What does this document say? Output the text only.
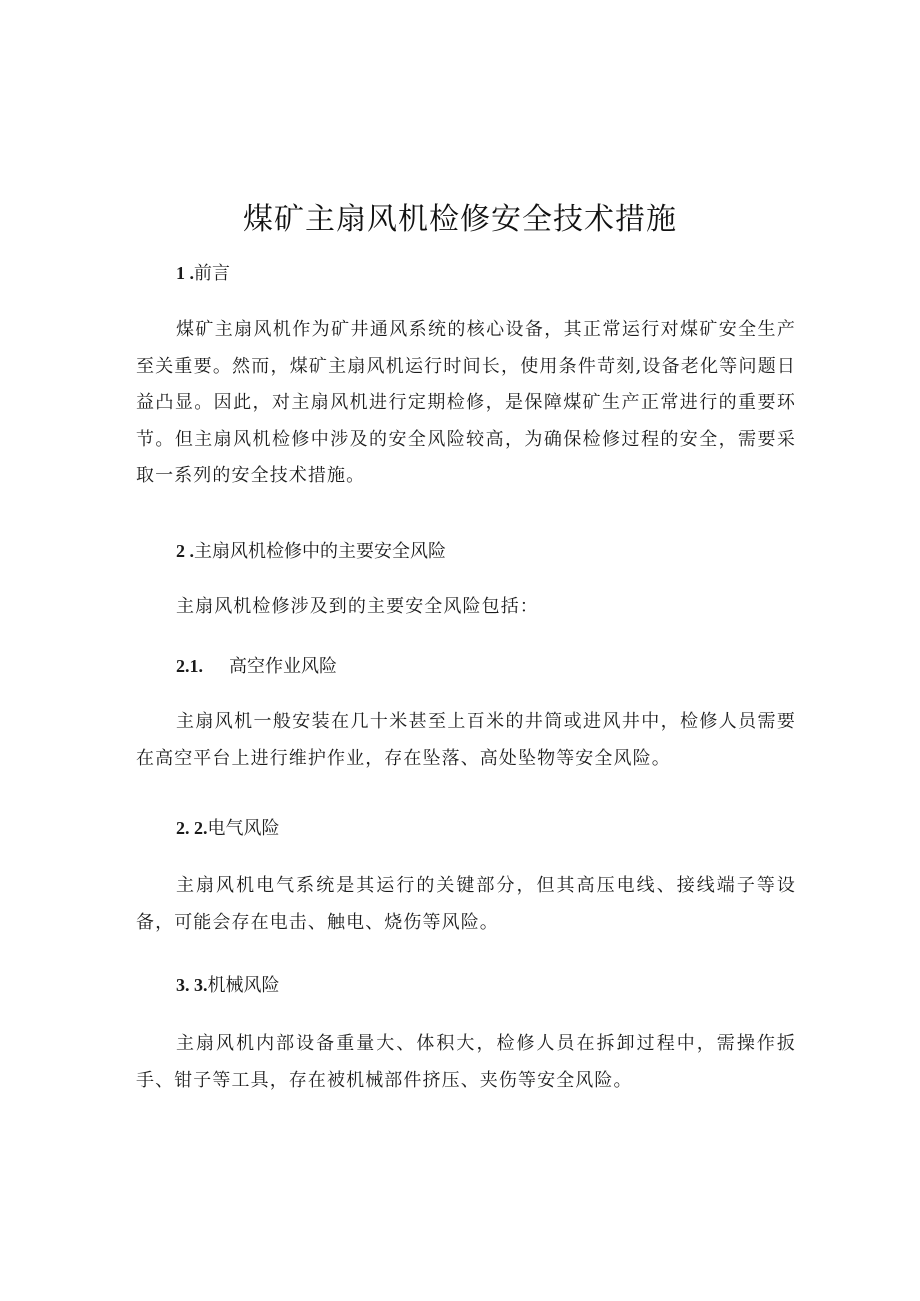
煤矿主扇风机检修安全技术措施
1 .前言
煤矿主扇风机作为矿井通风系统的核心设备，其正常运行对煤矿安全生产至关重要。然而，煤矿主扇风机运行时间长，使用条件苛刻,设备老化等问题日益凸显。因此，对主扇风机进行定期检修，是保障煤矿生产正常进行的重要环节。但主扇风机检修中涉及的安全风险较高，为确保检修过程的安全，需要采取一系列的安全技术措施。
2 .主扇风机检修中的主要安全风险
主扇风机检修涉及到的主要安全风险包括：
2.1. 高空作业风险
主扇风机一般安装在几十米甚至上百米的井筒或进风井中，检修人员需要在高空平台上进行维护作业，存在坠落、高处坠物等安全风险。
2. 2.电气风险
主扇风机电气系统是其运行的关键部分，但其高压电线、接线端子等设备，可能会存在电击、触电、烧伤等风险。
3. 3.机械风险
主扇风机内部设备重量大、体积大，检修人员在拆卸过程中，需操作扳手、钳子等工具，存在被机械部件挤压、夹伤等安全风险。
